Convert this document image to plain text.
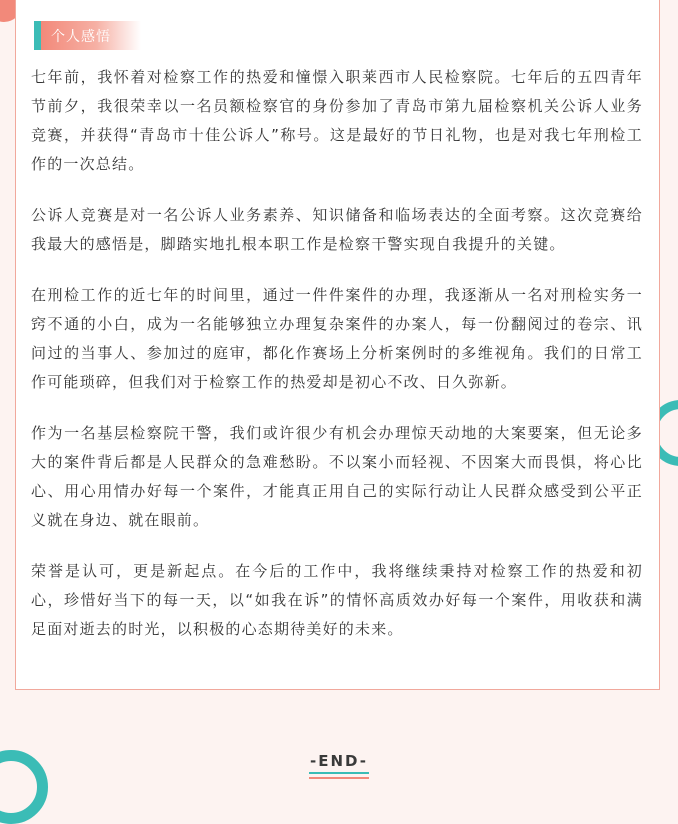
个人感悟

七年前，我怀着对检察工作的热爱和憧憬入职莱西市人民检察院。七年后的五四青年节前夕，我很荣幸以一名员额检察官的身份参加了青岛市第九届检察机关公诉人业务竞赛，并获得“青岛市十佳公诉人”称号。这是最好的节日礼物，也是对我七年刑检工作的一次总结。

公诉人竞赛是对一名公诉人业务素养、知识储备和临场表达的全面考察。这次竞赛给我最大的感悟是，脚踏实地扎根本职工作是检察干警实现自我提升的关键。

在刑检工作的近七年的时间里，通过一件件案件的办理，我逐渐从一名对刑检实务一窍不通的小白，成为一名能够独立办理复杂案件的办案人，每一份翻阅过的卷宗、讯问过的当事人、参加过的庭审，都化作赛场上分析案例时的多维视角。我们的日常工作可能琐碎，但我们对于检察工作的热爱却是初心不改、日久弥新。

作为一名基层检察院干警，我们或许很少有机会办理惊天动地的大案要案，但无论多大的案件背后都是人民群众的急难愁盼。不以案小而轻视、不因案大而畏惧，将心比心、用心用情办好每一个案件，才能真正用自己的实际行动让人民群众感受到公平正义就在身边、就在眼前。

荣誉是认可，更是新起点。在今后的工作中，我将继续秉持对检察工作的热爱和初心，珍惜好当下的每一天，以“如我在诉”的情怀高质效办好每一个案件，用收获和满足面对逝去的时光，以积极的心态期待美好的未来。

-END-
